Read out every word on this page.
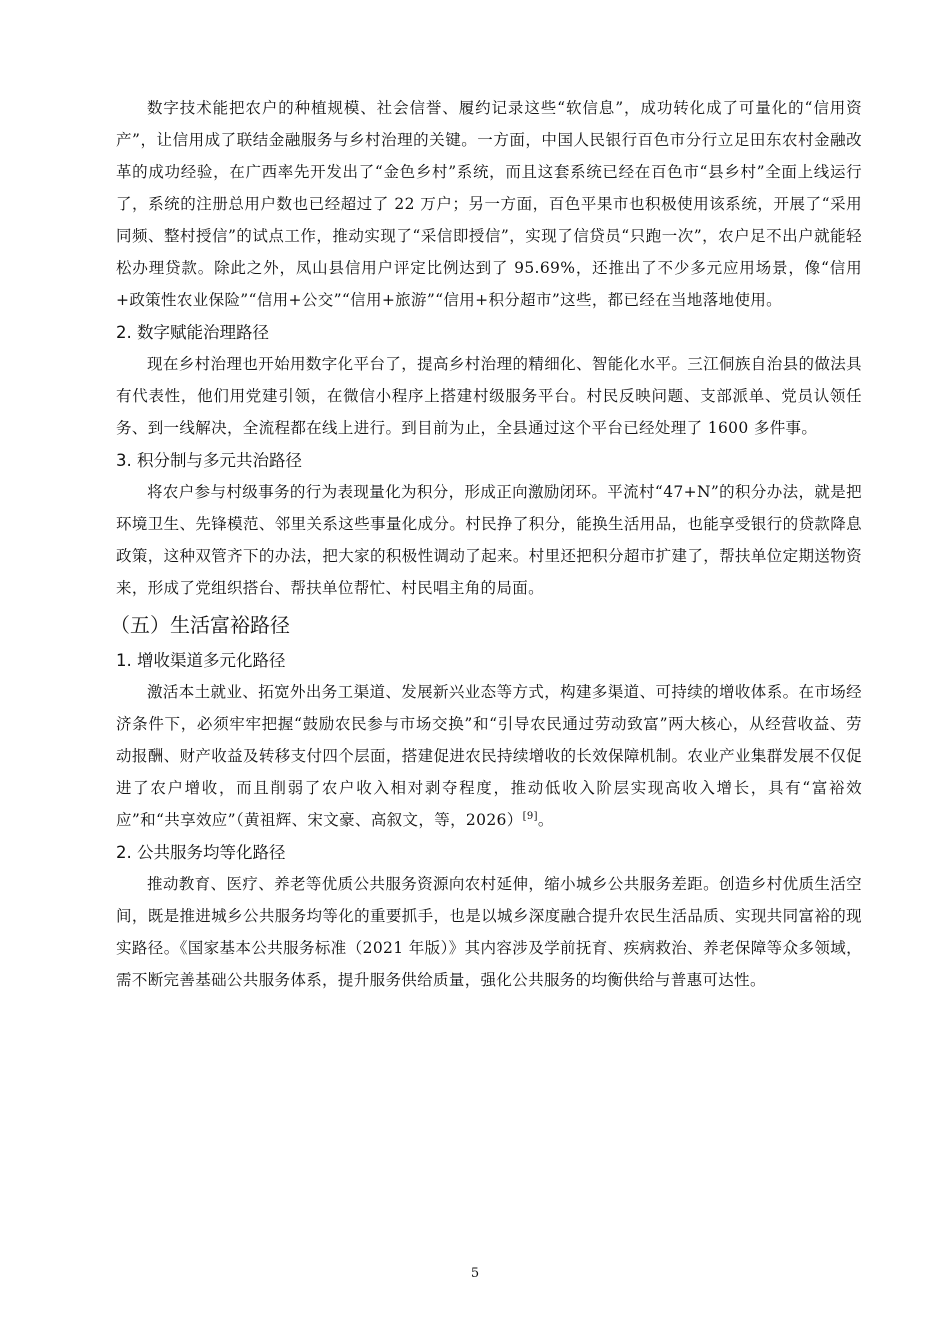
数字技术能把农户的种植规模、社会信誉、履约记录这些“软信息”，成功转化成了可量化的“信用资产”，让信用成了联结金融服务与乡村治理的关键。一方面，中国人民银行百色市分行立足田东农村金融改革的成功经验，在广西率先开发出了“金色乡村”系统，而且这套系统已经在百色市“县乡村”全面上线运行了，系统的注册总用户数也已经超过了 22 万户；另一方面，百色平果市也积极使用该系统，开展了“采用同频、整村授信”的试点工作，推动实现了“采信即授信”，实现了信贷员“只跑一次”，农户足不出户就能轻松办理贷款。除此之外，凤山县信用户评定比例达到了 95.69%，还推出了不少多元应用场景，像“信用+政策性农业保险”“信用+公交”“信用+旅游”“信用+积分超市”这些，都已经在当地落地使用。

2. 数字赋能治理路径

现在乡村治理也开始用数字化平台了，提高乡村治理的精细化、智能化水平。三江侗族自治县的做法具有代表性，他们用党建引领，在微信小程序上搭建村级服务平台。村民反映问题、支部派单、党员认领任务、到一线解决，全流程都在线上进行。到目前为止，全县通过这个平台已经处理了 1600 多件事。

3. 积分制与多元共治路径

将农户参与村级事务的行为表现量化为积分，形成正向激励闭环。平流村“47+N”的积分办法，就是把环境卫生、先锋模范、邻里关系这些事量化成分。村民挣了积分，能换生活用品，也能享受银行的贷款降息政策，这种双管齐下的办法，把大家的积极性调动了起来。村里还把积分超市扩建了，帮扶单位定期送物资来，形成了党组织搭台、帮扶单位帮忙、村民唱主角的局面。

（五）生活富裕路径
1. 增收渠道多元化路径

激活本土就业、拓宽外出务工渠道、发展新兴业态等方式，构建多渠道、可持续的增收体系。在市场经济条件下，必须牢牢把握“鼓励农民参与市场交换”和“引导农民通过劳动致富”两大核心，从经营收益、劳动报酬、财产收益及转移支付四个层面，搭建促进农民持续增收的长效保障机制。农业产业集群发展不仅促进了农户增收，而且削弱了农户收入相对剥夺程度，推动低收入阶层实现高收入增长，具有“富裕效应”和“共享效应”（黄祖辉、宋文豪、高叙文，等，2026）[9]。

2. 公共服务均等化路径

推动教育、医疗、养老等优质公共服务资源向农村延伸，缩小城乡公共服务差距。创造乡村优质生活空间，既是推进城乡公共服务均等化的重要抓手，也是以城乡深度融合提升农民生活品质、实现共同富裕的现实路径。《国家基本公共服务标准（2021 年版）》其内容涉及学前抚育、疾病救治、养老保障等众多领域，需不断完善基础公共服务体系，提升服务供给质量，强化公共服务的均衡供给与普惠可达性。

5
